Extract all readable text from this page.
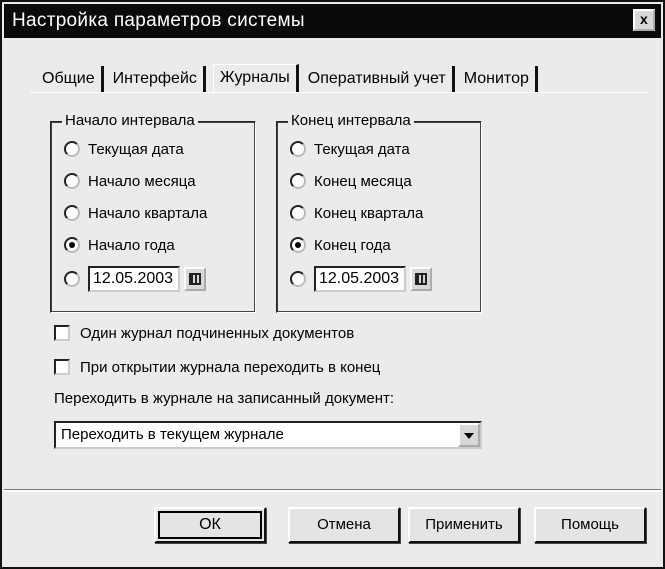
Настройка параметров системы	x
Общие	Интерфейс	Журналы	Оперативный учет	Монитор
Начало интервала
Текущая дата
Начало месяца
Начало квартала
Начало года
12.05.2003
Конец интервала
Текущая дата
Конец месяца
Конец квартала
Конец года
12.05.2003
Один журнал подчиненных документов
При открытии журнала переходить в конец
Переходить в журнале на записанный документ:
Переходить в текущем журнале
ОК	Отмена	Применить	Помощь
